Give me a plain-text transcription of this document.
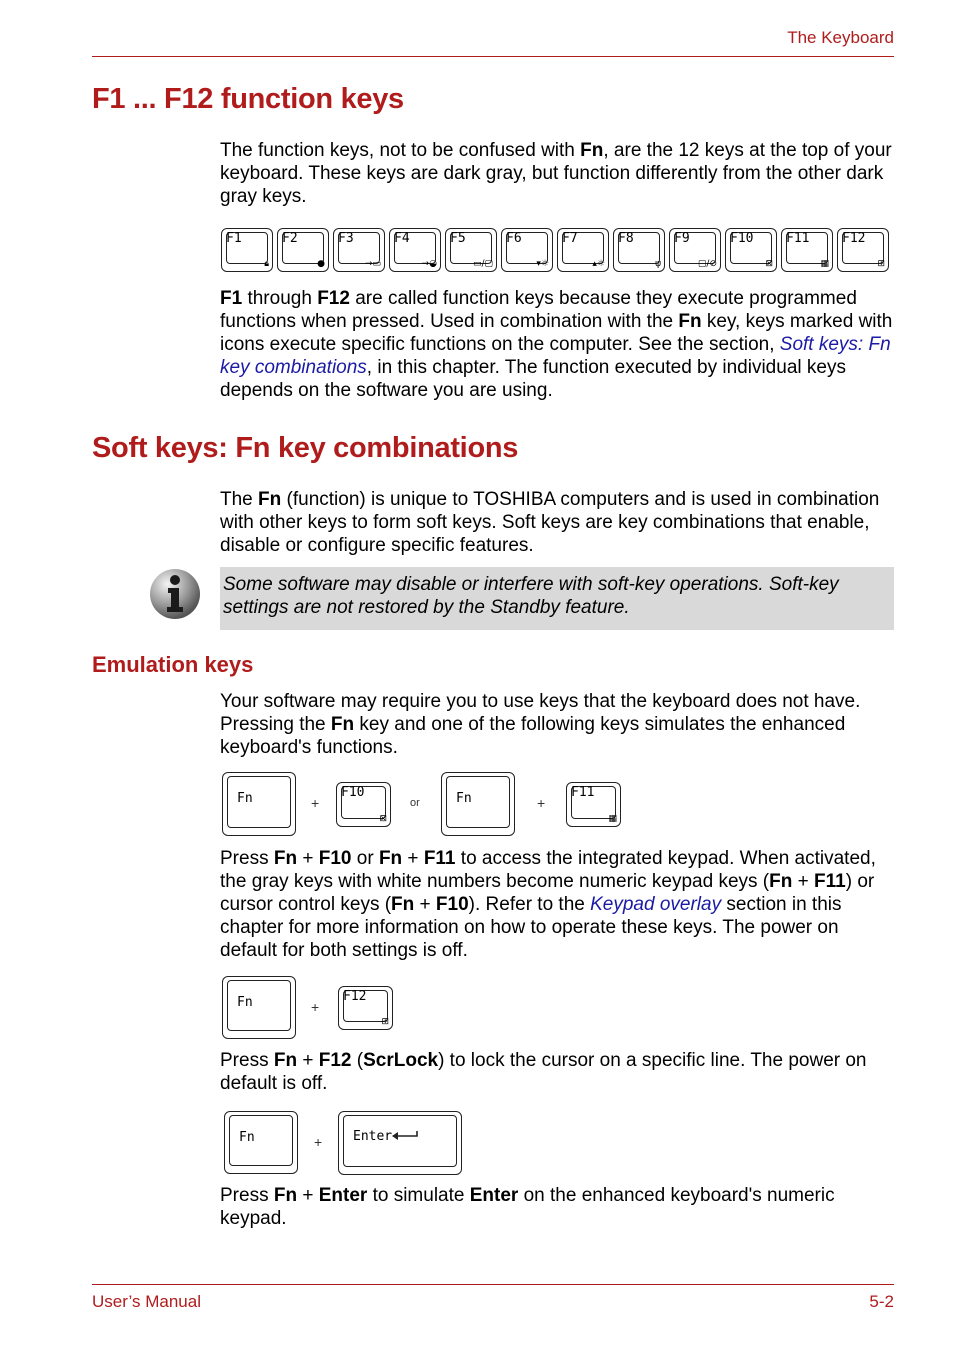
The Keyboard
F1 ... F12 function keys
The function keys, not to be confused with Fn, are the 12 keys at the top of your keyboard. These keys are dark gray, but function differently from the other dark gray keys.
F1
🔒︎
F2
●
F3
→▭
F4
→◒
F5
▭/▢
F6
▾☼
F7
▴☼
F8
ψ
F9
▢/⊘
F10
⊠
F11
▦
F12
⊞
F1 through F12 are called function keys because they execute programmed functions when pressed. Used in combination with the Fn key, keys marked with icons execute specific functions on the computer. See the section, Soft keys: Fn key combinations, in this chapter. The function executed by individual keys depends on the software you are using.
Soft keys: Fn key combinations
The Fn (function) is unique to TOSHIBA computers and is used in combination with other keys to form soft keys. Soft keys are key combinations that enable, disable or configure specific features.
Some software may disable or interfere with soft-key operations. Soft-key settings are not restored by the Standby feature.
Emulation keys
Your software may require you to use keys that the keyboard does not have. Pressing the Fn key and one of the following keys simulates the enhanced keyboard's functions.
Fn	+
F10
⊠
or	Fn	+
F11
▦
Press Fn + F10 or Fn + F11 to access the integrated keypad. When activated, the gray keys with white numbers become numeric keypad keys (Fn + F11) or cursor control keys (Fn + F10). Refer to the Keypad overlay section in this chapter for more information on how to operate these keys. The power on default for both settings is off.
Fn	+
F12
⊞
Press Fn + F12 (ScrLock) to lock the cursor on a specific line. The power on default is off.
Fn	+ Enter
Press Fn + Enter to simulate Enter on the enhanced keyboard's numeric keypad.
User’s Manual	5-2
